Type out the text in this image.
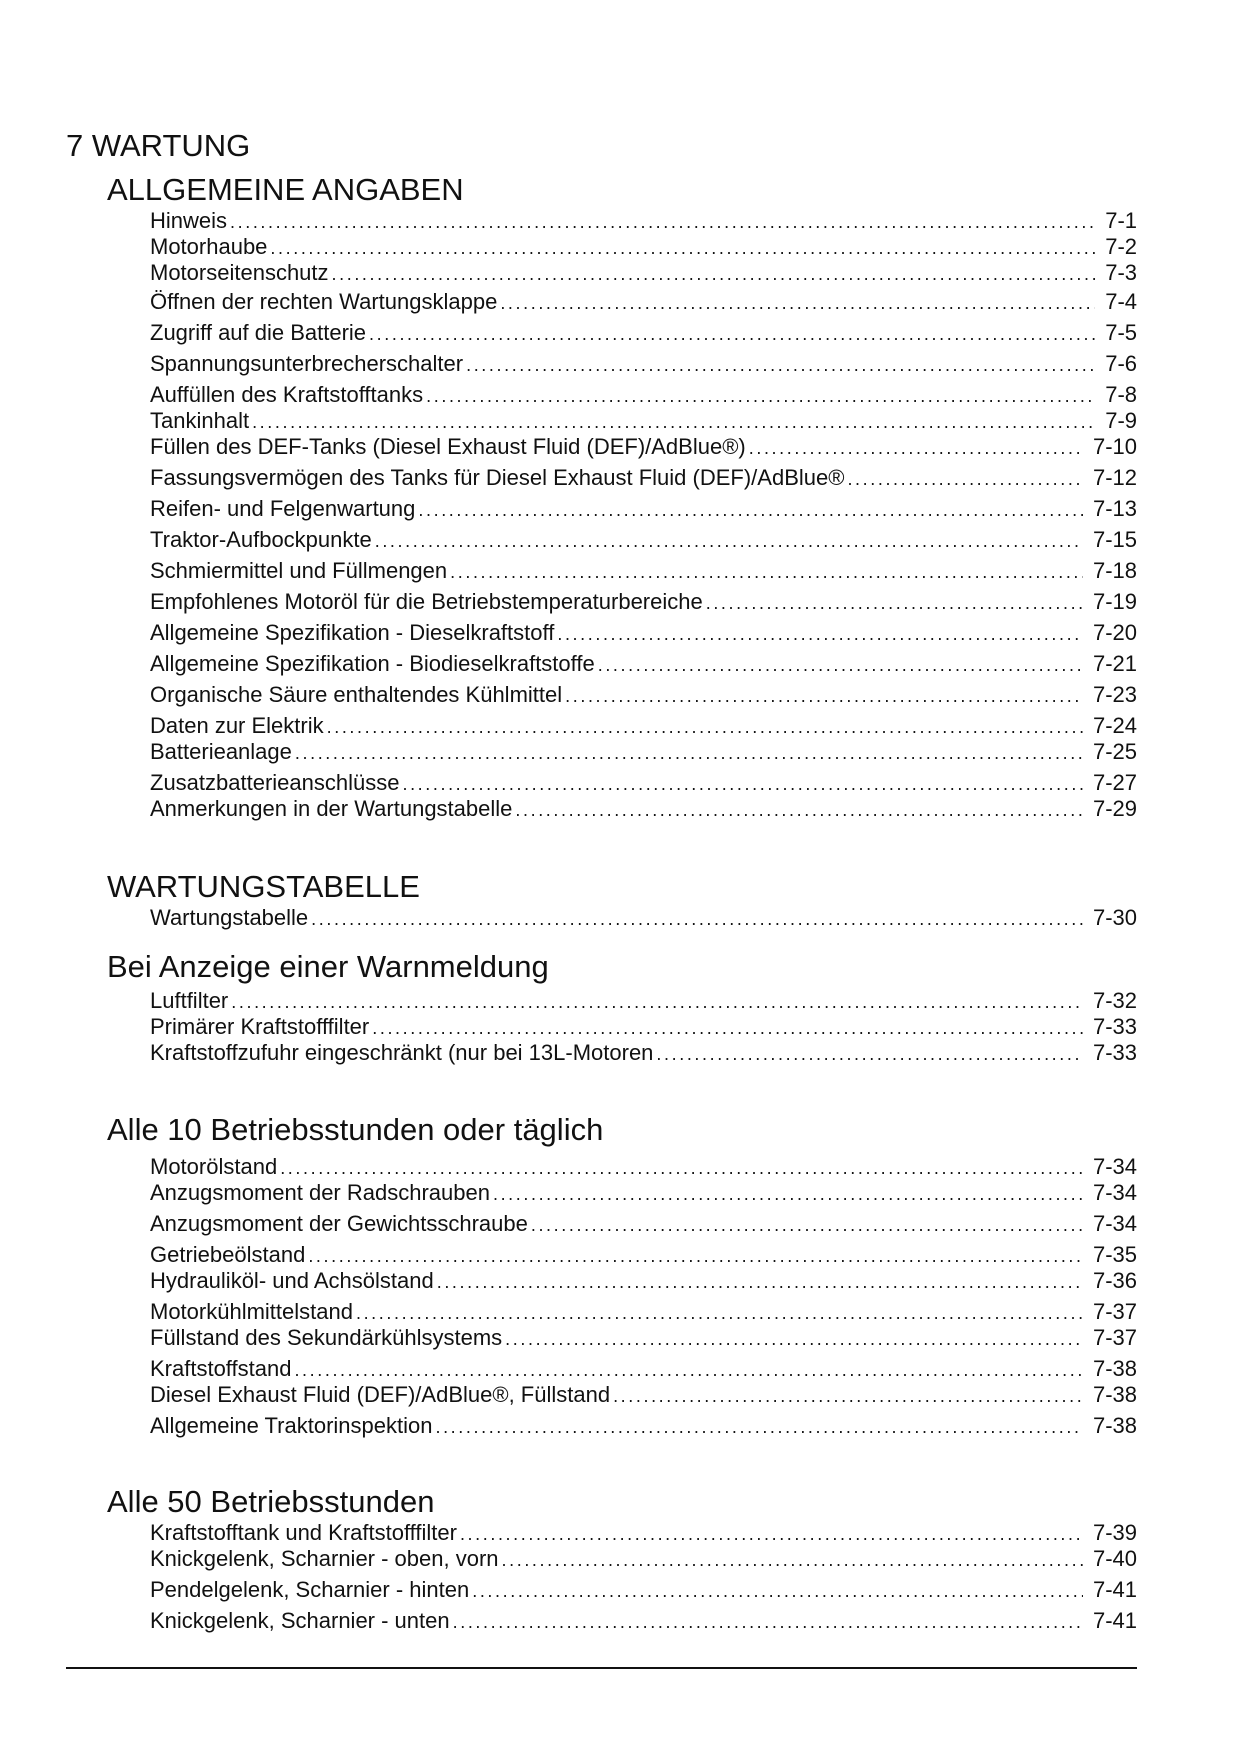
7 WARTUNG
ALLGEMEINE ANGABEN
Hinweis .....	7-1
Motorhaube .....	7-2
Motorseitenschutz .....	7-3
Öffnen der rechten Wartungsklappe .....	7-4
Zugriff auf die Batterie .....	7-5
Spannungsunterbrecherschalter .....	7-6
Auffüllen des Kraftstofftanks .....	7-8
Tankinhalt .....	7-9
Füllen des DEF-Tanks (Diesel Exhaust Fluid (DEF)/AdBlue®) .....	7-10
Fassungsvermögen des Tanks für Diesel Exhaust Fluid (DEF)/AdBlue® .....	7-12
Reifen- und Felgenwartung .....	7-13
Traktor-Aufbockpunkte .....	7-15
Schmiermittel und Füllmengen .....	7-18
Empfohlenes Motoröl für die Betriebstemperaturbereiche .....	7-19
Allgemeine Spezifikation - Dieselkraftstoff .....	7-20
Allgemeine Spezifikation - Biodieselkraftstoffe .....	7-21
Organische Säure enthaltendes Kühlmittel .....	7-23
Daten zur Elektrik .....	7-24
Batterieanlage .....	7-25
Zusatzbatterieanschlüsse .....	7-27
Anmerkungen in der Wartungstabelle .....	7-29
WARTUNGSTABELLE
Wartungstabelle .....	7-30
Bei Anzeige einer Warnmeldung
Luftfilter .....	7-32
Primärer Kraftstofffilter .....	7-33
Kraftstoffzufuhr eingeschränkt (nur bei 13L-Motoren .....	7-33
Alle 10 Betriebsstunden oder täglich
Motorölstand .....	7-34
Anzugsmoment der Radschrauben .....	7-34
Anzugsmoment der Gewichtsschraube .....	7-34
Getriebeölstand .....	7-35
Hydrauliköl- und Achsölstand .....	7-36
Motorkühlmittelstand .....	7-37
Füllstand des Sekundärkühlsystems .....	7-37
Kraftstoffstand .....	7-38
Diesel Exhaust Fluid (DEF)/AdBlue®, Füllstand .....	7-38
Allgemeine Traktorinspektion .....	7-38
Alle 50 Betriebsstunden
Kraftstofftank und Kraftstofffilter .....	7-39
Knickgelenk, Scharnier - oben, vorn .....	7-40
Pendelgelenk, Scharnier - hinten .....	7-41
Knickgelenk, Scharnier - unten .....	7-41
